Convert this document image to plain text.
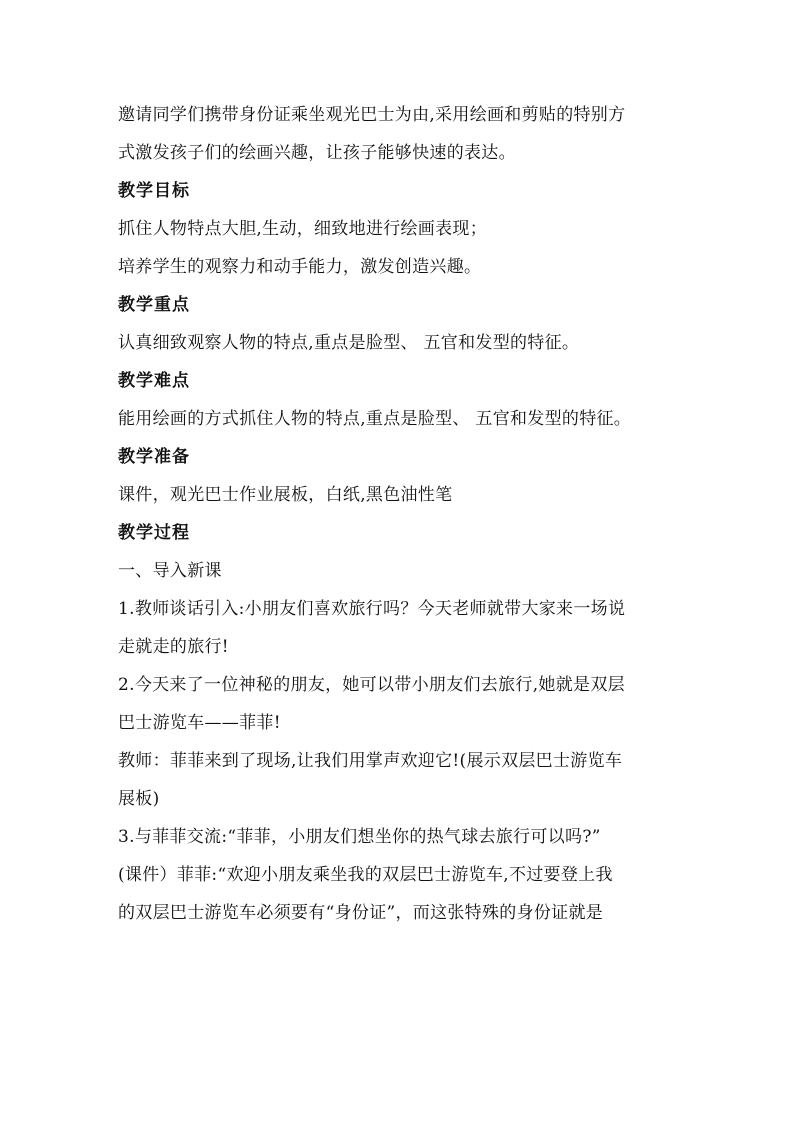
邀请同学们携带身份证乘坐观光巴士为由,采用绘画和剪贴的特别方
式激发孩子们的绘画兴趣，让孩子能够快速的表达。
教学目标
抓住人物特点大胆,生动，细致地进行绘画表现；
培养学生的观察力和动手能力，激发创造兴趣。
教学重点
认真细致观察人物的特点,重点是脸型、 五官和发型的特征。
教学难点
能用绘画的方式抓住人物的特点,重点是脸型、 五官和发型的特征。
教学准备
课件，观光巴士作业展板，白纸,黑色油性笔
教学过程
一、导入新课
1.教师谈话引入:小朋友们喜欢旅行吗？今天老师就带大家来一场说
走就走的旅行!
2.今天来了一位神秘的朋友，她可以带小朋友们去旅行,她就是双层
巴士游览车——菲菲!
教师：菲菲来到了现场,让我们用掌声欢迎它!(展示双层巴士游览车
展板)
3.与菲菲交流:“菲菲，小朋友们想坐你的热气球去旅行可以吗?”
(课件）菲菲:“欢迎小朋友乘坐我的双层巴士游览车,不过要登上我
的双层巴士游览车必须要有“身份证”，而这张特殊的身份证就是
